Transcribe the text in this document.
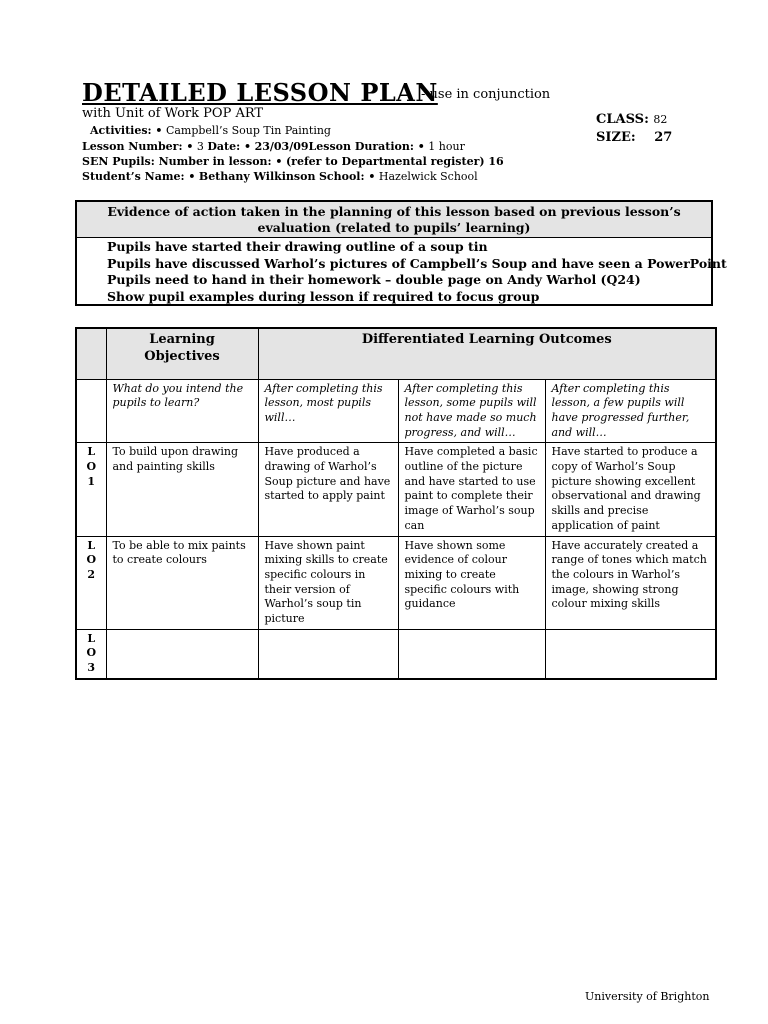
DETAILED LESSON PLAN
- use in conjunction
with Unit of Work POP ART
Activities: • Campbell’s Soup Tin Painting
Lesson Number: • 3 Date: • 23/03/09Lesson Duration: • 1 hour
SEN Pupils: Number in lesson: • (refer to Departmental register) 16
Student’s Name: • Bethany Wilkinson School: • Hazelwick School
CLASS: 82
SIZE: 27
Evidence of action taken in the planning of this lesson based on previous lesson’s
evaluation (related to pupils’ learning)
Pupils have started their drawing outline of a soup tin
Pupils have discussed Warhol’s pictures of Campbell’s Soup and have seen a PowerPoint
Pupils need to hand in their homework – double page on Andy Warhol (Q24)
Show pupil examples during lesson if required to focus group
	Learning Objectives	Differentiated Learning Outcomes		
	What do you intend the pupils to learn?	After completing this lesson, most pupils will…	After completing this lesson, some pupils will not have made so much progress, and will…	After completing this lesson, a few pupils will have progressed further, and will…

L
O
1	To build upon drawing and painting skills	Have produced a drawing of Warhol’s Soup picture and have started to apply paint	Have completed a basic outline of the picture and have started to use paint to complete their image of Warhol’s soup can	Have started to produce a copy of Warhol’s Soup picture showing excellent observational and drawing skills and precise application of paint

L
O
2	To be able to mix paints to create colours	Have shown paint mixing skills to create specific colours in their version of Warhol’s soup tin picture	Have shown some evidence of colour mixing to create specific colours with guidance	Have accurately created a range of tones which match the colours in Warhol’s image, showing strong colour mixing skills

L
O
3				

University of Brighton
